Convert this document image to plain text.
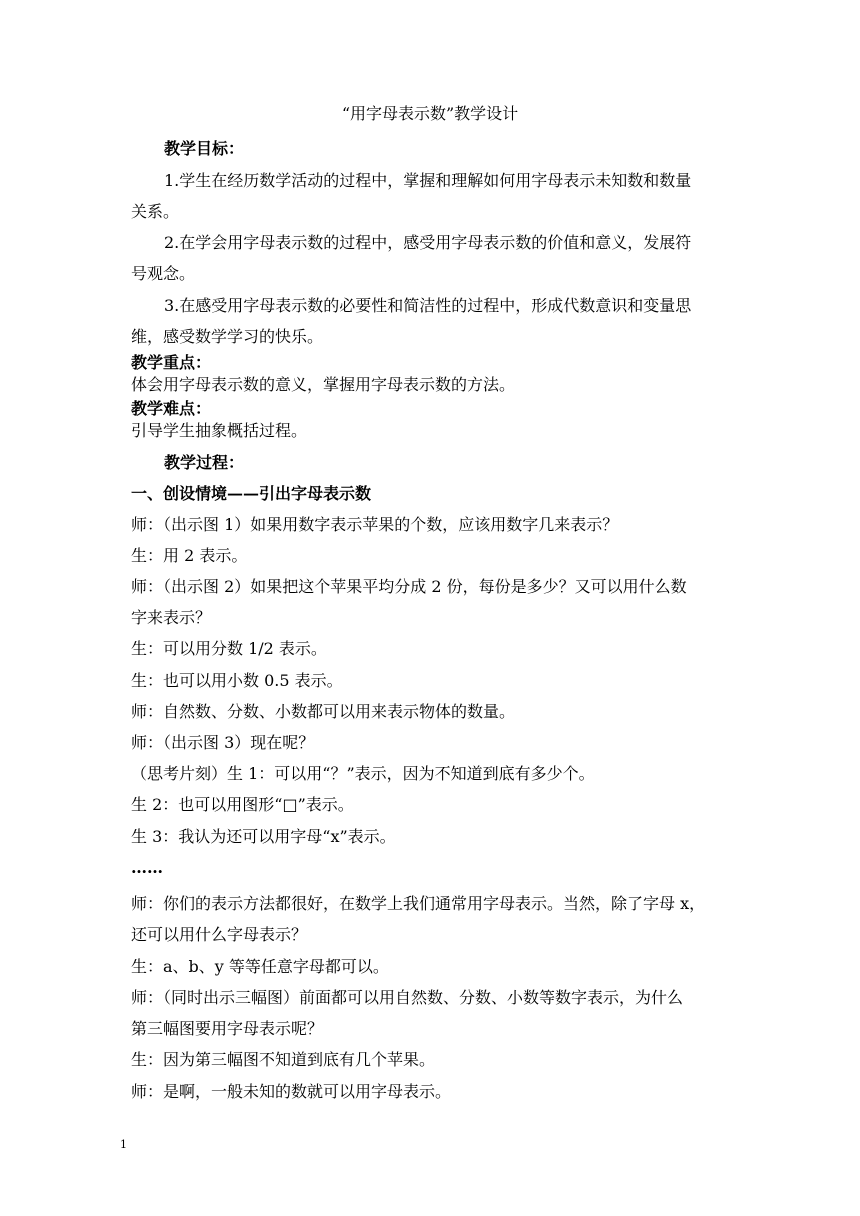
“用字母表示数”教学设计
教学目标：
1.学生在经历数学活动的过程中，掌握和理解如何用字母表示未知数和数量
关系。
2.在学会用字母表示数的过程中，感受用字母表示数的价值和意义，发展符
号观念。
3.在感受用字母表示数的必要性和简洁性的过程中，形成代数意识和变量思
维，感受数学学习的快乐。
教学重点：
体会用字母表示数的意义，掌握用字母表示数的方法。
教学难点：
引导学生抽象概括过程。
教学过程：
一、创设情境——引出字母表示数
师：（出示图 1）如果用数字表示苹果的个数，应该用数字几来表示？
生：用 2 表示。
师：（出示图 2）如果把这个苹果平均分成 2 份，每份是多少？又可以用什么数
字来表示？
生：可以用分数 1/2 表示。
生：也可以用小数 0.5 表示。
师：自然数、分数、小数都可以用来表示物体的数量。
师：（出示图 3）现在呢？
（思考片刻）生 1：可以用“？”表示，因为不知道到底有多少个。
生 2：也可以用图形“□”表示。
生 3：我认为还可以用字母“x”表示。
……
师：你们的表示方法都很好，在数学上我们通常用字母表示。当然，除了字母 x，
还可以用什么字母表示？
生：a、b、y 等等任意字母都可以。
师：（同时出示三幅图）前面都可以用自然数、分数、小数等数字表示，为什么
第三幅图要用字母表示呢？
生：因为第三幅图不知道到底有几个苹果。
师：是啊，一般未知的数就可以用字母表示。
1
